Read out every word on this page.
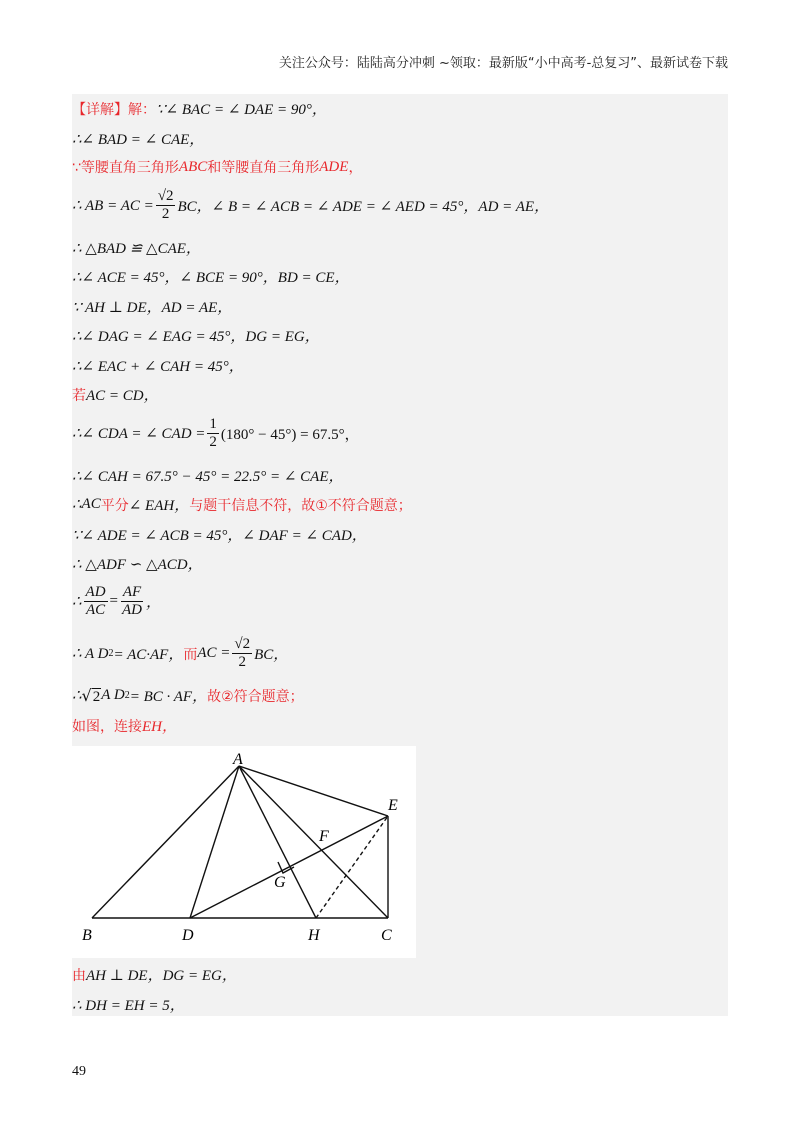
关注公众号：陆陆高分冲刺 ~领取：最新版“小中高考-总复习”、最新试卷下载
【详解】解： ∵∠ BAC = ∠ DAE = 90°，
∴∠ BAD = ∠ CAE，
∵等腰直角三角形 ABC 和等腰直角三角形 ADE ，
∴ AB = AC = $\frac{√2}{2}$ BC，∠ B = ∠ ACB = ∠ ADE = ∠ AED = 45°，AD = AE，
∴ △BAD ≌ △CAE，
∴∠ ACE = 45°，∠ BCE = 90°，BD = CE，
∵ AH ⊥ DE，AD = AE，
∴∠ DAG = ∠ EAG = 45°，DG = EG，
∴∠ EAC + ∠ CAH = 45°，
若 AC = CD，
∴∠ CDA = ∠ CAD = $\frac{1}{2} (180^\circ - 45^\circ) = 67.5^\circ$，
∴∠ CAH = 67.5° − 45° = 22.5° = ∠ CAE，
∴ AC 平分 ∠ EAH， 与题干信息不符，故①不符合题意；
∵∠ ADE = ∠ ACB = 45°，∠ DAF = ∠ CAD，
∴ △ADF ∽ △ACD，
∴ $\frac{AD}{AC} = \frac{AF}{AD}$ ，
∴ A D 2 = AC·AF， 而 AC = $\frac{√2}{2}$ BC，
∴ √ 2 A D 2 = BC · AF， 故②符合题意；
如图，连接 EH，
A
B	D	H	C
E
F
G
由 AH ⊥ DE，DG = EG，
∴ DH = EH = 5，
49
